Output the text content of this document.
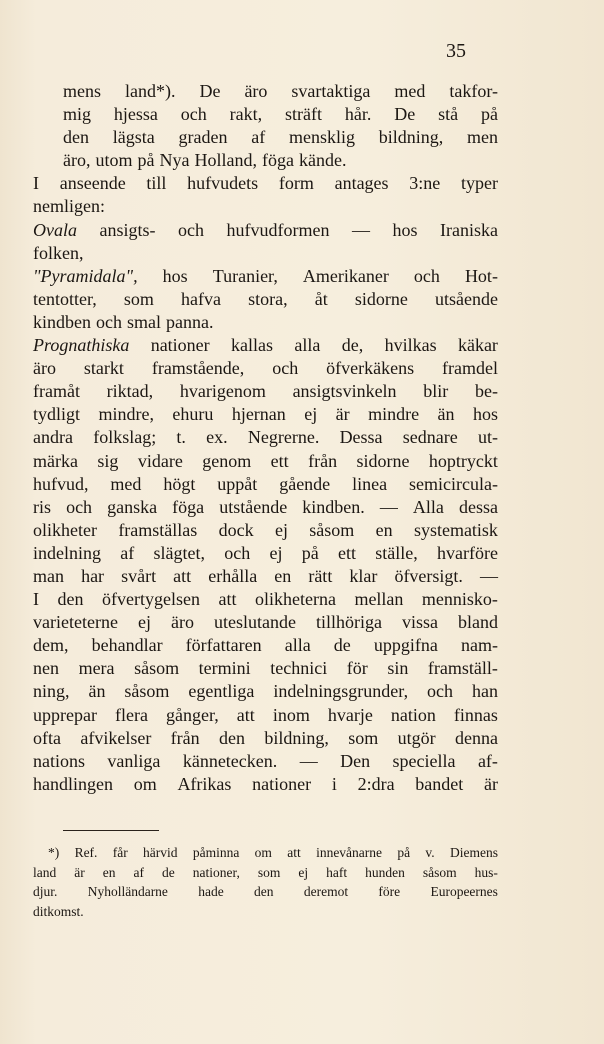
35
mens land*). De äro svartaktiga med takfor-
mig hjessa och rakt, sträft hår. De stå på
den lägsta graden af mensklig bildning, men
äro, utom på Nya Holland, föga kände.
I anseende till hufvudets form antages 3:ne typer
nemligen:
Ovala ansigts- och hufvudformen — hos Iraniska
folken,
"Pyramidala", hos Turanier, Amerikaner och Hot-
tentotter, som hafva stora, åt sidorne utsående
kindben och smal panna.
Prognathiska nationer kallas alla de, hvilkas käkar
äro starkt framstående, och öfverkäkens framdel
framåt riktad, hvarigenom ansigtsvinkeln blir be-
tydligt mindre, ehuru hjernan ej är mindre än hos
andra folkslag; t. ex. Negrerne. Dessa sednare ut-
märka sig vidare genom ett från sidorne hoptryckt
hufvud, med högt uppåt gående linea semicircula-
ris och ganska föga utstående kindben. — Alla dessa
olikheter framställas dock ej såsom en systematisk
indelning af slägtet, och ej på ett ställe, hvarföre
man har svårt att erhålla en rätt klar öfversigt. —
I den öfvertygelsen att olikheterna mellan mennisko-
varieteterne ej äro uteslutande tillhöriga vissa bland
dem, behandlar författaren alla de uppgifna nam-
nen mera såsom termini technici för sin framställ-
ning, än såsom egentliga indelningsgrunder, och han
upprepar flera gånger, att inom hvarje nation finnas
ofta afvikelser från den bildning, som utgör denna
nations vanliga kännetecken. — Den speciella af-
handlingen om Afrikas nationer i 2:dra bandet är
*) Ref. får härvid påminna om att innevånarne på v. Diemens
land är en af de nationer, som ej haft hunden såsom hus-
djur. Nyholländarne hade den deremot före Europeernes
ditkomst.
